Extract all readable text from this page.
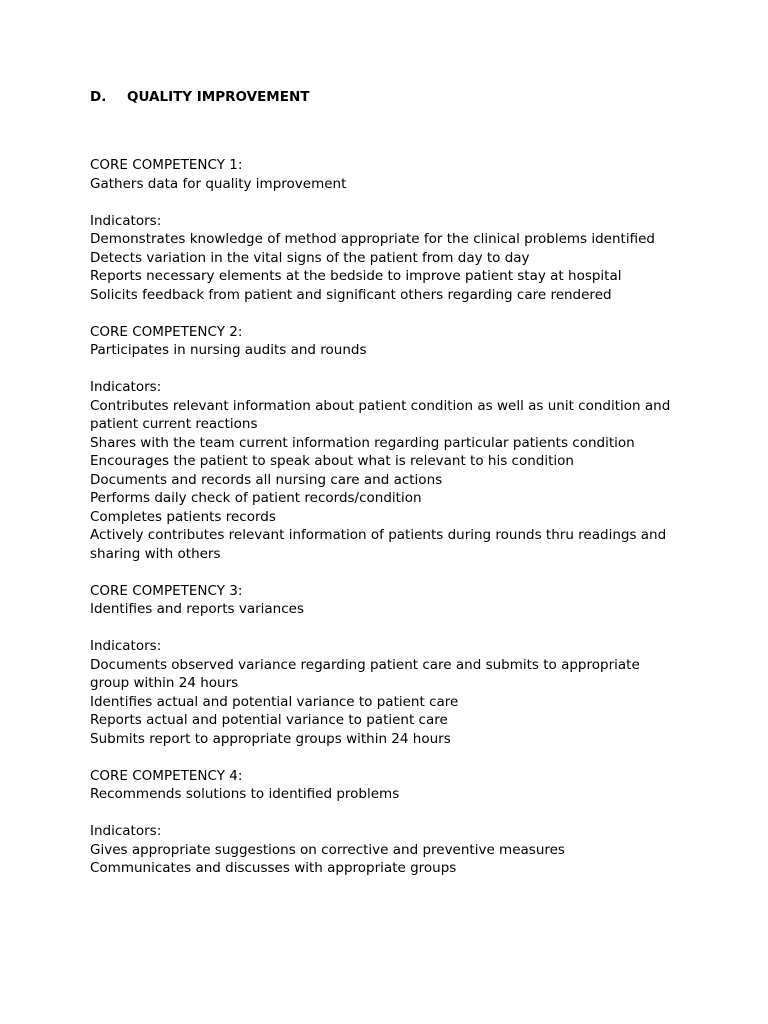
D. QUALITY IMPROVEMENT
CORE COMPETENCY 1:
Gathers data for quality improvement
Indicators:
Demonstrates knowledge of method appropriate for the clinical problems identified
Detects variation in the vital signs of the patient from day to day
Reports necessary elements at the bedside to improve patient stay at hospital
Solicits feedback from patient and significant others regarding care rendered
CORE COMPETENCY 2:
Participates in nursing audits and rounds
Indicators:
Contributes relevant information about patient condition as well as unit condition and patient current reactions
Shares with the team current information regarding particular patients condition
Encourages the patient to speak about what is relevant to his condition
Documents and records all nursing care and actions
Performs daily check of patient records/condition
Completes patients records
Actively contributes relevant information of patients during rounds thru readings and sharing with others
CORE COMPETENCY 3:
Identifies and reports variances
Indicators:
Documents observed variance regarding patient care and submits to appropriate group within 24 hours
Identifies actual and potential variance to patient care
Reports actual and potential variance to patient care
Submits report to appropriate groups within 24 hours
CORE COMPETENCY 4:
Recommends solutions to identified problems
Indicators:
Gives appropriate suggestions on corrective and preventive measures
Communicates and discusses with appropriate groups
